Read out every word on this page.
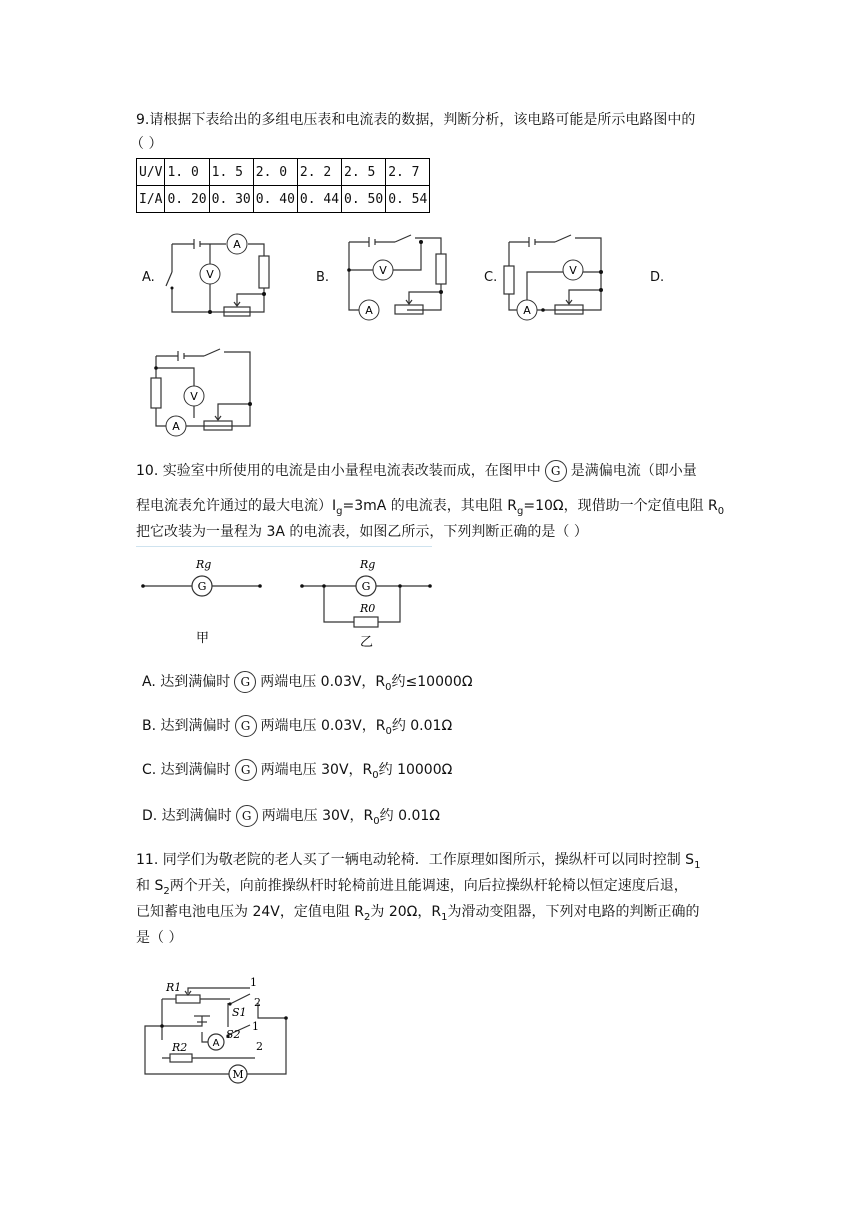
9.请根据下表给出的多组电压表和电流表的数据，判断分析，该电路可能是所示电路图中的
（ ）
U/V	1. 0	1. 5	2. 0	2. 2	2. 5	2. 7
I/A	0. 20	0. 30	0. 40	0. 44	0. 50	0. 54
A.	B.	C.	D.
A
V	V
A
V
A
V
A
10. 实验室中所使用的电流是由小量程电流表改装而成，在图甲中 G 是满偏电流（即小量
程电流表允许通过的最大电流）$I_g=3mA$ 的电流表，其电阻 $R_g=10\Omega$，现借助一个定值电阻 $R_0$
把它改装为一量程为 3A 的电流表，如图乙所示，下列判断正确的是（ ）
G
Rg
甲
G
Rg
R0
乙
A. 达到满偏时 G 两端电压 0.03V，$R_0$约≤10000Ω
B. 达到满偏时 G 两端电压 0.03V，$R_0$约 0.01Ω
C. 达到满偏时 G 两端电压 30V，$R_0$约 10000Ω
D. 达到满偏时 G 两端电压 30V，$R_0$约 0.01Ω
11. 同学们为敬老院的老人买了一辆电动轮椅．工作原理如图所示，操纵杆可以同时控制 $S_1$
和 $S_2$两个开关，向前推操纵杆时轮椅前进且能调速，向后拉操纵杆轮椅以恒定速度后退，
已知蓄电池电压为 24V，定值电阻 $R_2$为 20Ω，$R_1$为滑动变阻器，下列对电路的判断正确的
是（ ）
R1
R2
S1
S2
1
2
1
2
A
M
